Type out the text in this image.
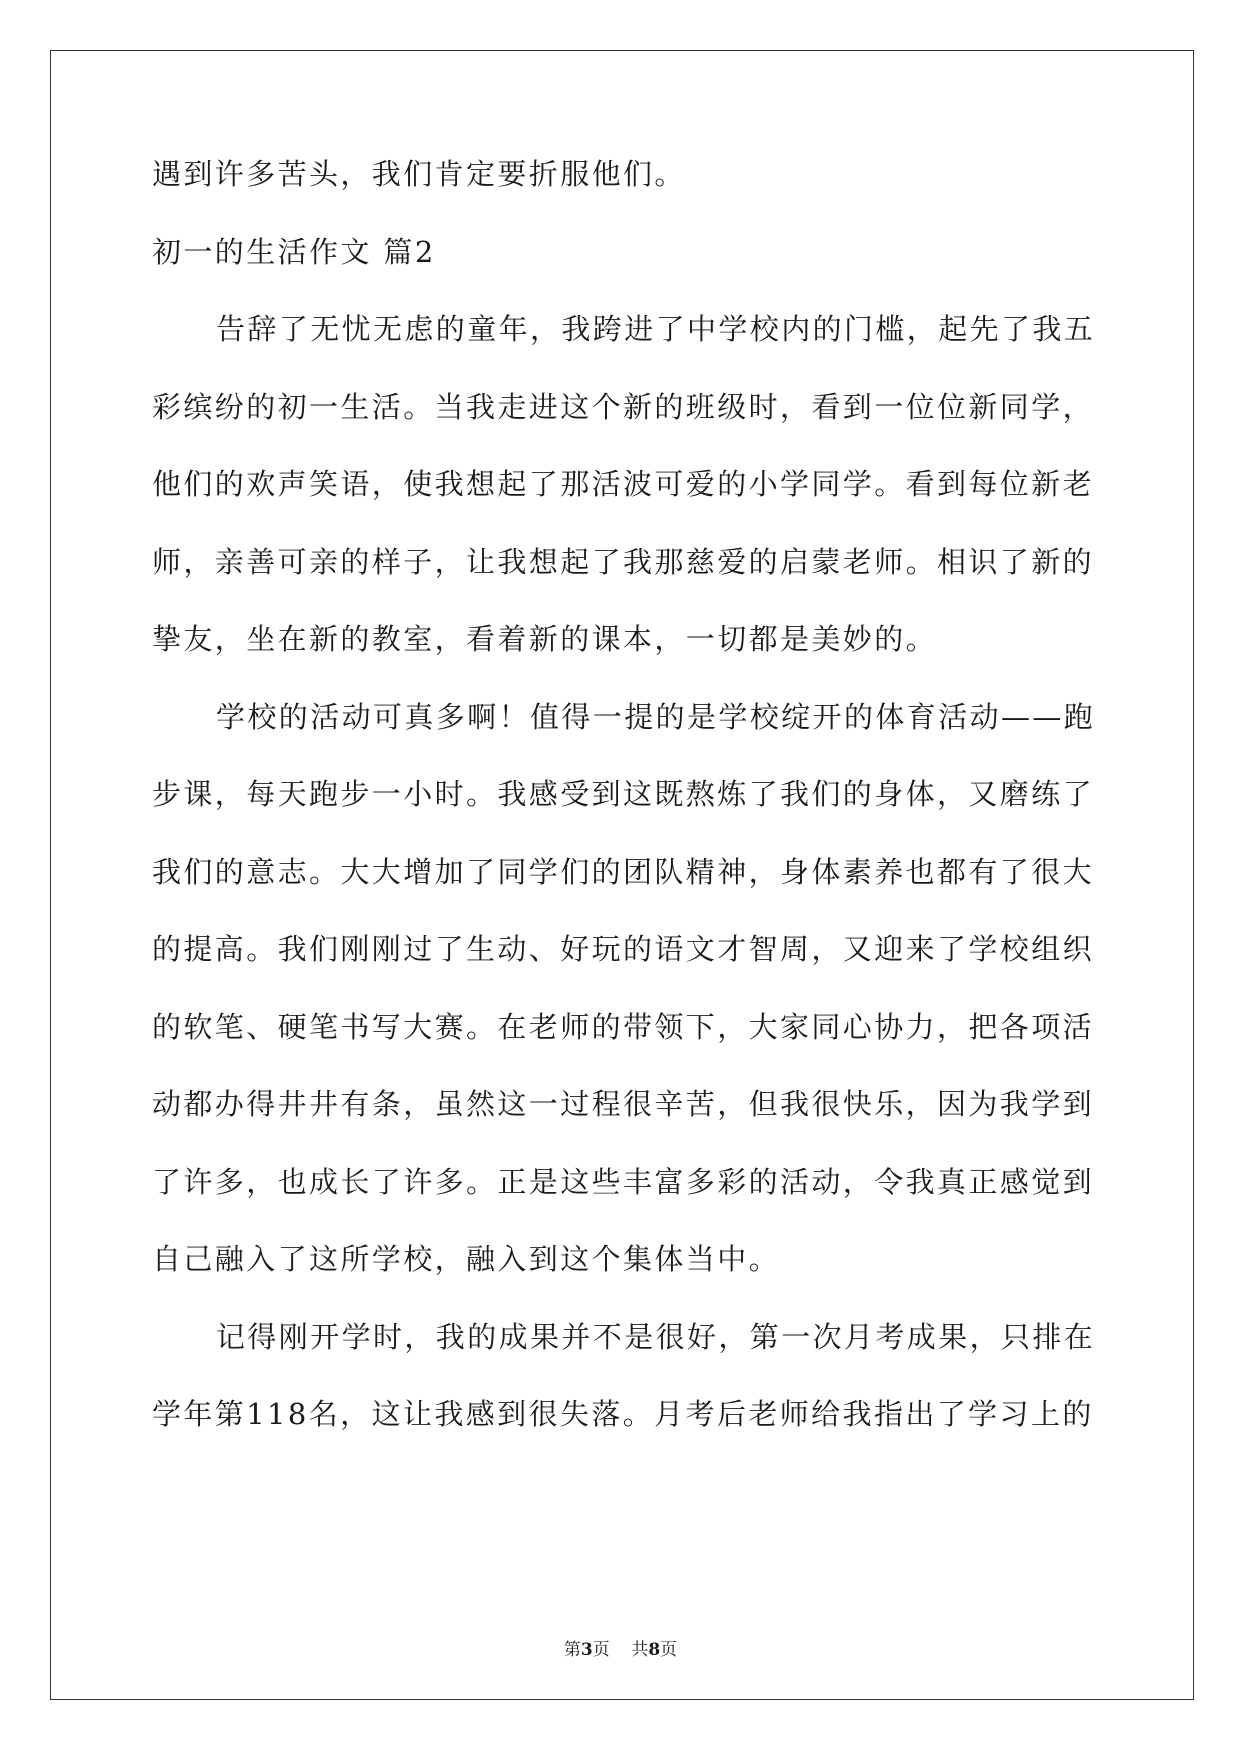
遇到许多苦头，我们肯定要折服他们。
初一的生活作文 篇2
告辞了无忧无虑的童年，我跨进了中学校内的门槛，起先了我五
彩缤纷的初一生活。当我走进这个新的班级时，看到一位位新同学，
他们的欢声笑语，使我想起了那活波可爱的小学同学。看到每位新老
师，亲善可亲的样子，让我想起了我那慈爱的启蒙老师。相识了新的
挚友，坐在新的教室，看着新的课本，一切都是美妙的。
学校的活动可真多啊！值得一提的是学校绽开的体育活动——跑
步课，每天跑步一小时。我感受到这既熬炼了我们的身体，又磨练了
我们的意志。大大增加了同学们的团队精神，身体素养也都有了很大
的提高。我们刚刚过了生动、好玩的语文才智周，又迎来了学校组织
的软笔、硬笔书写大赛。在老师的带领下，大家同心协力，把各项活
动都办得井井有条，虽然这一过程很辛苦，但我很快乐，因为我学到
了许多，也成长了许多。正是这些丰富多彩的活动，令我真正感觉到
自己融入了这所学校，融入到这个集体当中。
记得刚开学时，我的成果并不是很好，第一次月考成果，只排在
学年第118名，这让我感到很失落。月考后老师给我指出了学习上的
第3页 共8页
